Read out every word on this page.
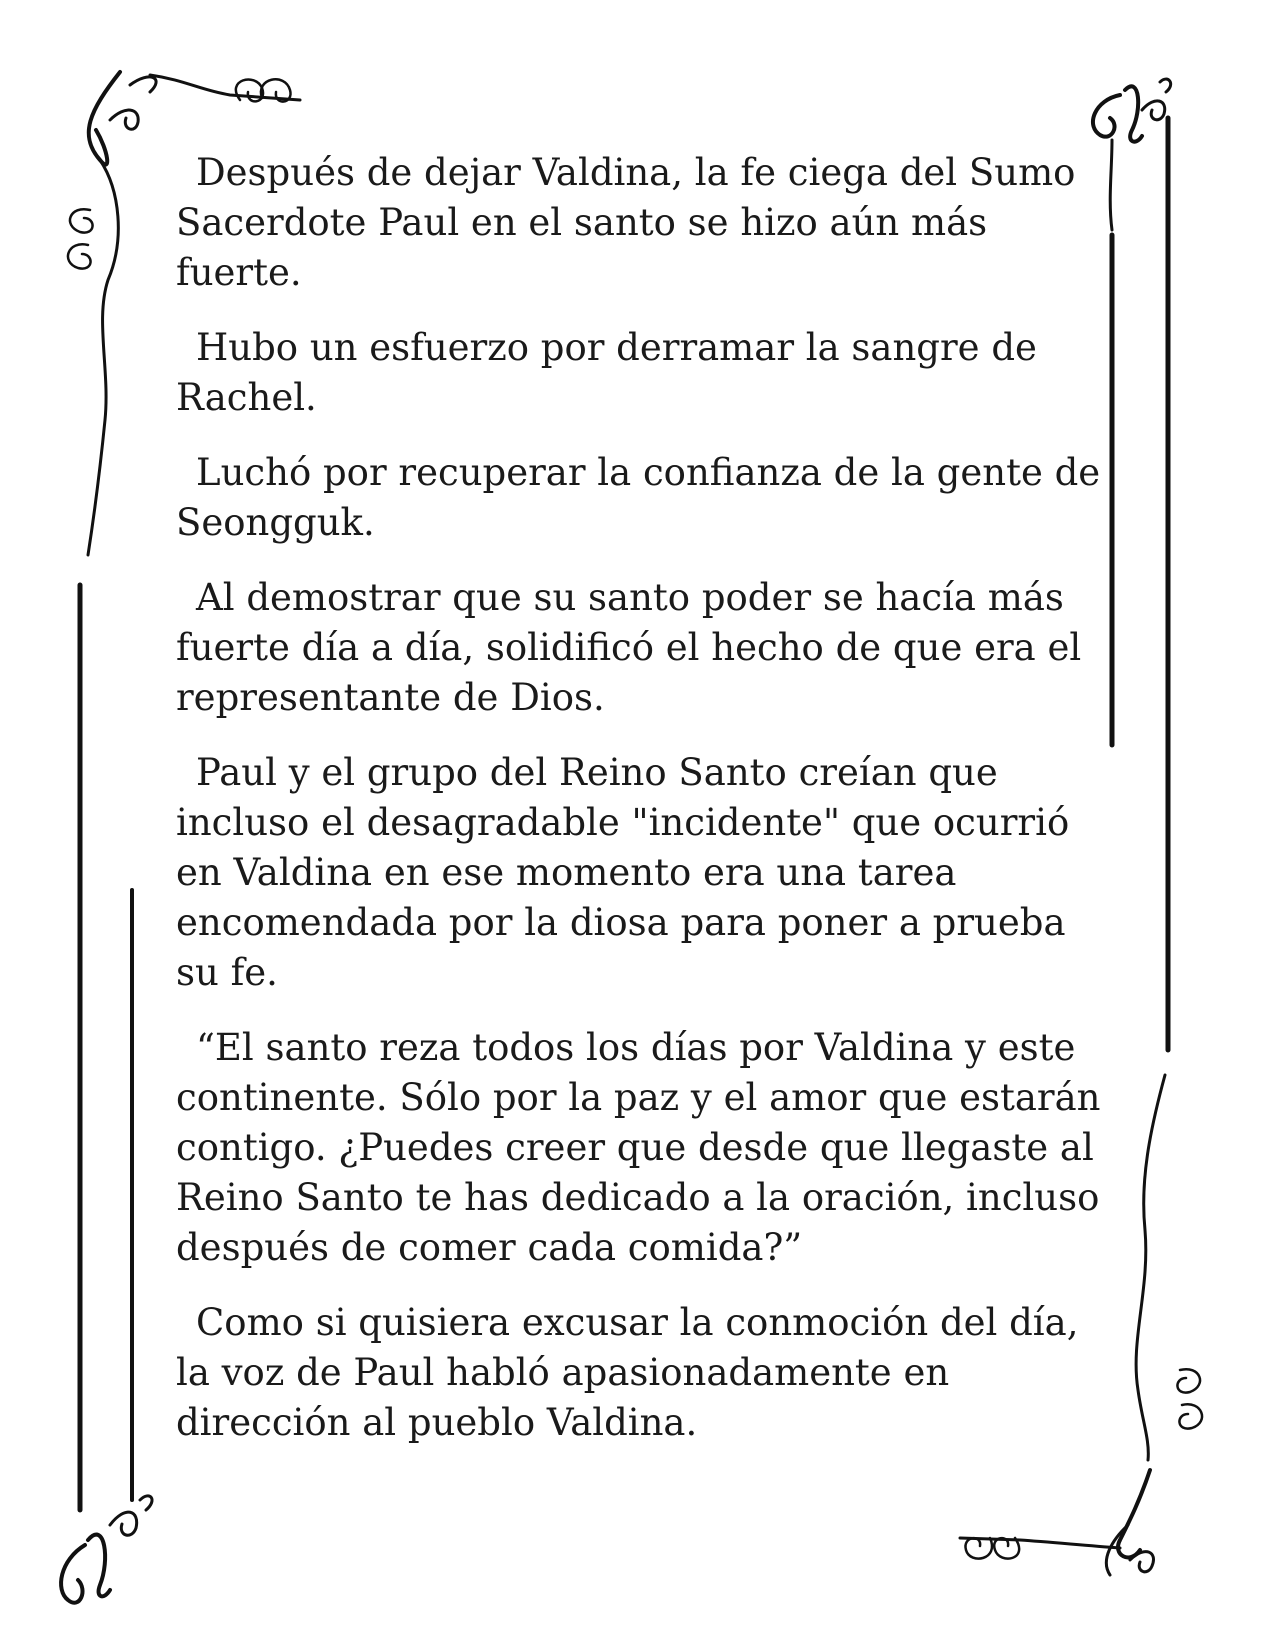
Después de dejar Valdina, la fe ciega del Sumo Sacerdote Paul en el santo se hizo aún más fuerte.

Hubo un esfuerzo por derramar la sangre de Rachel.

Luchó por recuperar la confianza de la gente de Seongguk.

Al demostrar que su santo poder se hacía más fuerte día a día, solidificó el hecho de que era el representante de Dios.

Paul y el grupo del Reino Santo creían que incluso el desagradable "incidente" que ocurrió en Valdina en ese momento era una tarea encomendada por la diosa para poner a prueba su fe.

“El santo reza todos los días por Valdina y este continente. Sólo por la paz y el amor que estarán contigo. ¿Puedes creer que desde que llegaste al Reino Santo te has dedicado a la oración, incluso después de comer cada comida?”

Como si quisiera excusar la conmoción del día, la voz de Paul habló apasionadamente en dirección al pueblo Valdina.
